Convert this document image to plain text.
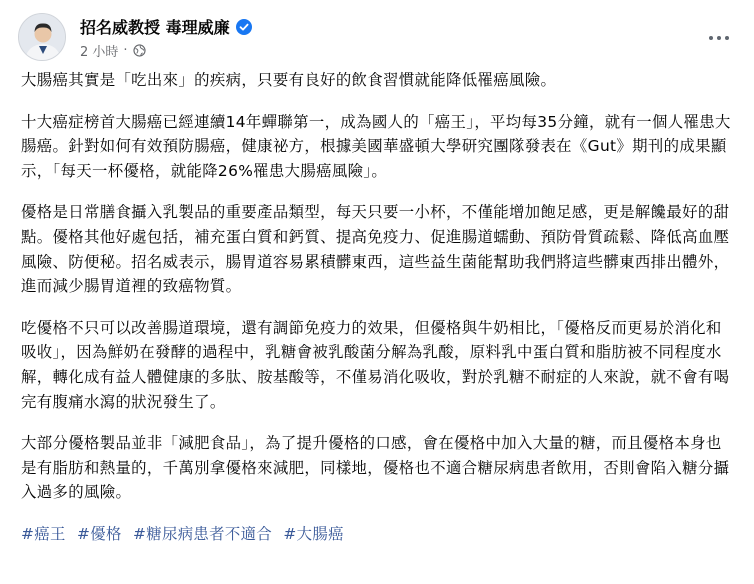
招名威教授 毒理威廉
2 小時 ·

大腸癌其實是「吃出來」的疾病，只要有良好的飲食習慣就能降低罹癌風險。

十大癌症榜首大腸癌已經連續14年蟬聯第一，成為國人的「癌王」，平均每35分鐘，就有一個人罹患大腸癌。針對如何有效預防腸癌，健康祕方，根據美國華盛頓大學研究團隊發表在《Gut》期刊的成果顯示，「每天一杯優格，就能降26%罹患大腸癌風險」。

優格是日常膳食攝入乳製品的重要產品類型，每天只要一小杯，不僅能增加飽足感，更是解饞最好的甜點。優格其他好處包括，補充蛋白質和鈣質、提高免疫力、促進腸道蠕動、預防骨質疏鬆、降低高血壓風險、防便秘。招名威表示，腸胃道容易累積髒東西，這些益生菌能幫助我們將這些髒東西排出體外，進而減少腸胃道裡的致癌物質。

吃優格不只可以改善腸道環境，還有調節免疫力的效果，但優格與牛奶相比，「優格反而更易於消化和吸收」，因為鮮奶在發酵的過程中，乳糖會被乳酸菌分解為乳酸，原料乳中蛋白質和脂肪被不同程度水解，轉化成有益人體健康的多肽、胺基酸等，不僅易消化吸收，對於乳糖不耐症的人來說，就不會有喝完有腹痛水瀉的狀況發生了。

大部分優格製品並非「減肥食品」，為了提升優格的口感，會在優格中加入大量的糖，而且優格本身也是有脂肪和熱量的，千萬別拿優格來減肥，同樣地，優格也不適合糖尿病患者飲用，否則會陷入糖分攝入過多的風險。

#癌王 #優格 #糖尿病患者不適合 #大腸癌
